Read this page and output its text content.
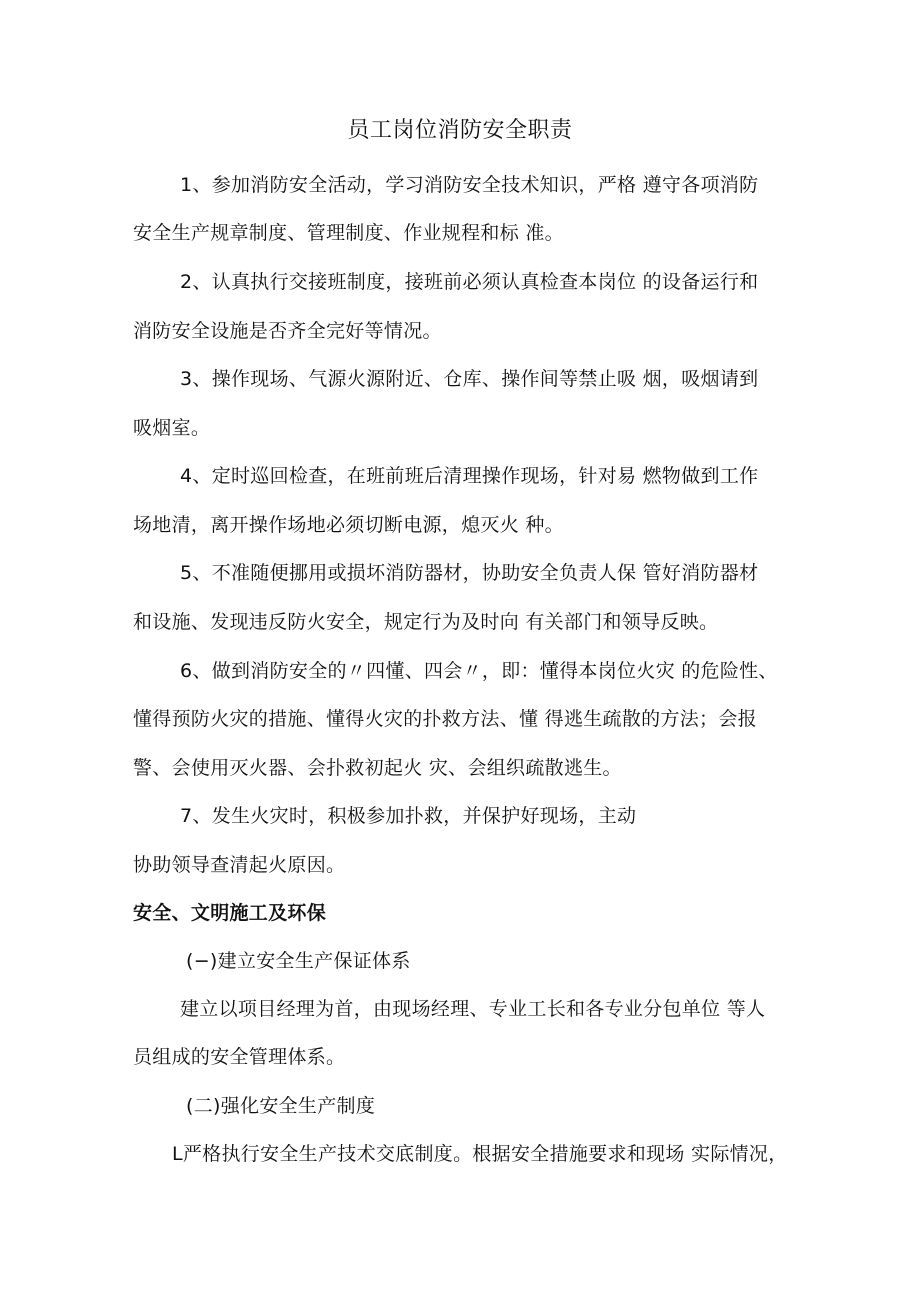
员工岗位消防安全职责
1、参加消防安全活动，学习消防安全技术知识，严格 遵守各项消防
安全生产规章制度、管理制度、作业规程和标 准。
2、认真执行交接班制度，接班前必须认真检查本岗位 的设备运行和
消防安全设施是否齐全完好等情况。
3、操作现场、气源火源附近、仓库、操作间等禁止吸 烟，吸烟请到
吸烟室。
4、定时巡回检查，在班前班后清理操作现场，针对易 燃物做到工作
场地清，离开操作场地必须切断电源，熄灭火 种。
5、不准随便挪用或损坏消防器材，协助安全负责人保 管好消防器材
和设施、发现违反防火安全，规定行为及时向 有关部门和领导反映。
6、做到消防安全的〃四懂、四会〃，即：懂得本岗位火灾 的危险性、
懂得预防火灾的措施、懂得火灾的扑救方法、懂 得逃生疏散的方法；会报
警、会使用灭火器、会扑救初起火 灾、会组织疏散逃生。
7、发生火灾时，积极参加扑救，并保护好现场，主动
协助领导查清起火原因。
安全、文明施工及环保
(−)建立安全生产保证体系
建立以项目经理为首，由现场经理、专业工长和各专业分包单位 等人
员组成的安全管理体系。
(二)强化安全生产制度
L严格执行安全生产技术交底制度。根据安全措施要求和现场 实际情况，
